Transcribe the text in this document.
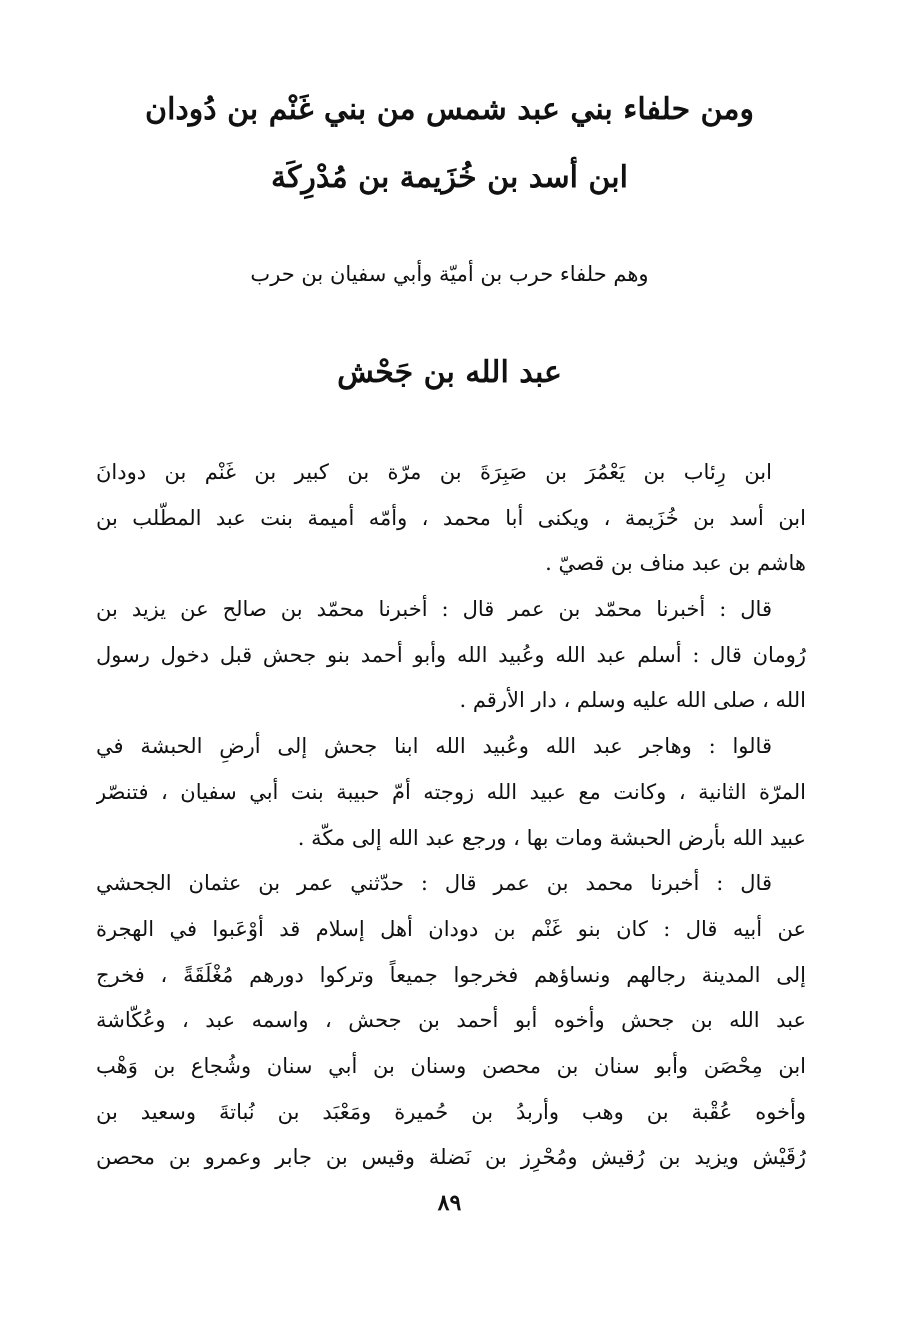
ومن حلفاء بني عبد شمس من بني غَنْم بن دُودان
ابن أسد بن خُزَيمة بن مُدْرِكَة
وهم حلفاء حرب بن أميّة وأبي سفيان بن حرب
عبد الله بن جَحْش
ابن رِئاب بن يَعْمُرَ بن صَبِرَةَ بن مرّة بن كبير بن غَنْم بن دودانَ
ابن أسد بن خُزَيمة ، ويكنى أبا محمد ، وأمّه أميمة بنت عبد المطّلب بن
هاشم بن عبد مناف بن قصيّ .
قال : أخبرنا محمّد بن عمر قال : أخبرنا محمّد بن صالح عن يزيد بن
رُومان قال : أسلم عبد الله وعُبيد الله وأبو أحمد بنو جحش قبل دخول رسول
الله ، صلى الله عليه وسلم ، دار الأرقم .
قالوا : وهاجر عبد الله وعُبيد الله ابنا جحش إلى أرضِ الحبشة في
المرّة الثانية ، وكانت مع عبيد الله زوجته أمّ حبيبة بنت أبي سفيان ، فتنصّر
عبيد الله بأرض الحبشة ومات بها ، ورجع عبد الله إلى مكّة .
قال : أخبرنا محمد بن عمر قال : حدّثني عمر بن عثمان الجحشي
عن أبيه قال : كان بنو غَنْم بن دودان أهل إسلام قد أوْعَبوا في الهجرة
إلى المدينة رجالهم ونساؤهم فخرجوا جميعاً وتركوا دورهم مُغْلَقَةً ، فخرج
عبد الله بن جحش وأخوه أبو أحمد بن جحش ، واسمه عبد ، وعُكّاشة
ابن مِحْصَن وأبو سنان بن محصن وسنان بن أبي سنان وشُجاع بن وَهْب
وأخوه عُقْبة بن وهب وأربدُ بن حُميرة ومَعْبَد بن نُباتةَ وسعيد بن
رُقَيْش ويزيد بن رُقيش ومُحْرِز بن نَضلة وقيس بن جابر وعمرو بن محصن
٨٩
